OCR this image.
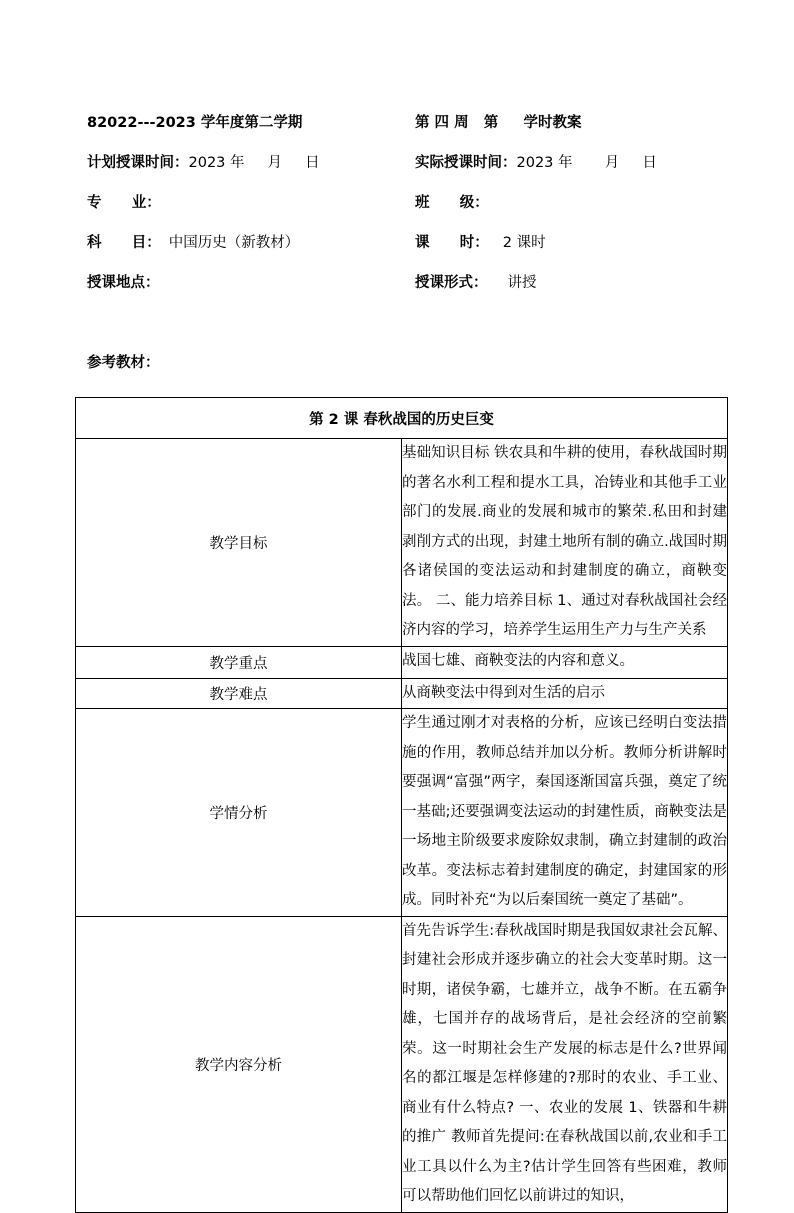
82022---2023 学年度第二学期	第 四 周   第     学时教案
计划授课时间：2023 年     月     日	实际授课时间：2023 年       月     日
专      业：	班      级：
科      目： 中国历史（新教材）	课      时： 2 课时
授课地点：	授课形式： 讲授
参考教材：
第 2 课 春秋战国的历史巨变	
教学目标	基础知识目标 铁农具和牛耕的使用，春秋战国时期的著名水利工程和提水工具，冶铸业和其他手工业部门的发展.商业的发展和城市的繁荣.私田和封建剥削方式的出现，封建土地所有制的确立.战国时期各诸侯国的变法运动和封建制度的确立，商鞅变法。 二、能力培养目标 1、通过对春秋战国社会经济内容的学习，培养学生运用生产力与生产关系
教学重点	战国七雄、商鞅变法的内容和意义。
教学难点	从商鞅变法中得到对生活的启示
学情分析	学生通过刚才对表格的分析，应该已经明白变法措施的作用，教师总结并加以分析。教师分析讲解时要强调“富强”两字，秦国逐渐国富兵强，奠定了统一基础;还要强调变法运动的封建性质，商鞅变法是一场地主阶级要求废除奴隶制，确立封建制的政治改革。变法标志着封建制度的确定，封建国家的形成。同时补充“为以后秦国统一奠定了基础”。
教学内容分析	首先告诉学生:春秋战国时期是我国奴隶社会瓦解、封建社会形成并逐步确立的社会大变革时期。这一时期，诸侯争霸，七雄并立，战争不断。在五霸争雄，七国并存的战场背后，是社会经济的空前繁荣。这一时期社会生产发展的标志是什么?世界闻名的都江堰是怎样修建的?那时的农业、手工业、商业有什么特点? 一、农业的发展 1、铁器和牛耕的推广 教师首先提问:在春秋战国以前,农业和手工业工具以什么为主?估计学生回答有些困难，教师可以帮助他们回忆以前讲过的知识，
